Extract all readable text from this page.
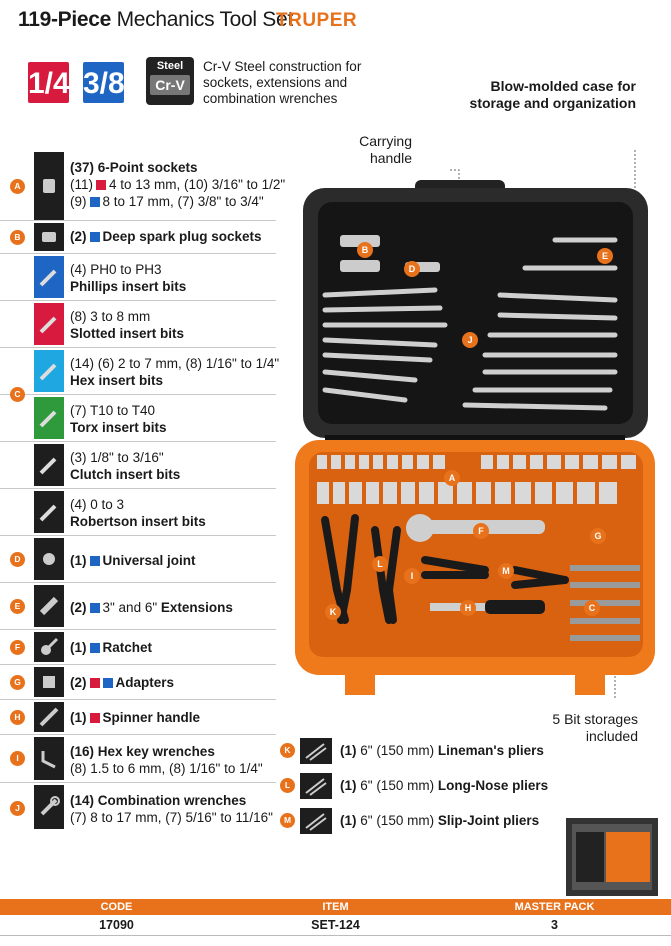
119-Piece Mechanics Tool Set
TRUPER
1/4 3/8
Steel
Cr-V
Cr-V Steel construction for sockets, extensions and combination wrenches
Blow-molded case for storage and organization
Carrying handle
5 Bit storages included
B
D
E
J
A
F	G
L
I	M
C
H
K
A
(37) 6-Point sockets
(11) 4 to 13 mm, (10) 3/16" to 1/2"
(9) 8 to 17 mm, (7) 3/8" to 3/4"
B	(2) Deep spark plug sockets
(4) PH0 to PH3
Phillips insert bits
(8) 3 to 8 mm
Slotted insert bits
C
(14) (6) 2 to 7 mm, (8) 1/16" to 1/4"
Hex insert bits
(7) T10 to T40
Torx insert bits
(3) 1/8" to 3/16"
Clutch insert bits
(4) 0 to 3
Robertson insert bits
D	(1) Universal joint
E	(2) 3" and 6" Extensions
F	(1) Ratchet
G	(2) Adapters
H	(1) Spinner handle
I	(16) Hex key wrenches
(8) 1.5 to 6 mm, (8) 1/16" to 1/4"
J	(14) Combination wrenches
(7) 8 to 17 mm, (7) 5/16" to 11/16"
K	(1) 6" (150 mm) Lineman's pliers
L	(1) 6" (150 mm) Long-Nose pliers
M	(1) 6" (150 mm) Slip-Joint pliers
CODE	ITEM	MASTER PACK
17090	SET-124	3
